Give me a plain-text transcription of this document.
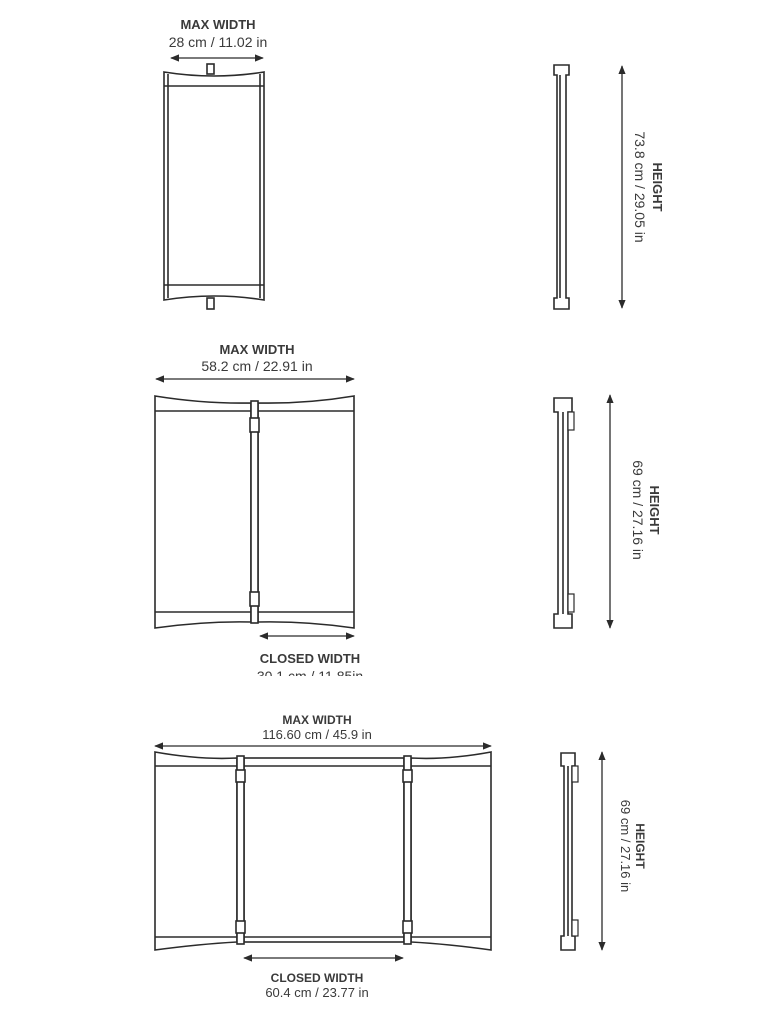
MAX WIDTH
28 cm / 11.02 in
HEIGHT
73.8 cm / 29.05 in
MAX WIDTH
58.2 cm / 22.91 in
CLOSED WIDTH
HEIGHT
69 cm / 27.16 in
MAX WIDTH
116.60 cm / 45.9 in
CLOSED WIDTH
60.4 cm / 23.77 in
HEIGHT
69 cm / 27.16 in
